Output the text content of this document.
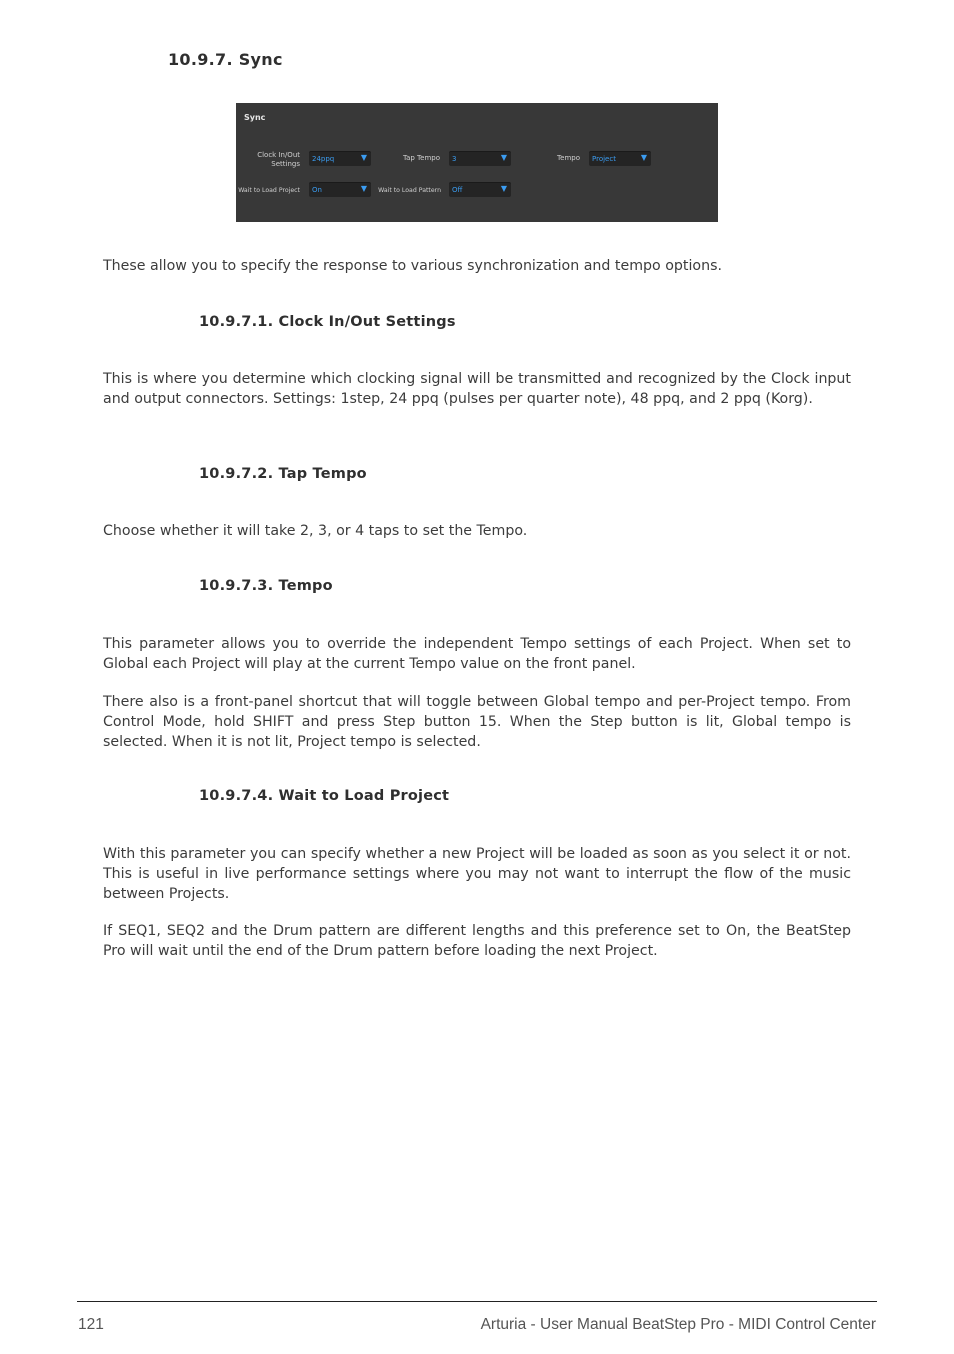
10.9.7. Sync
Sync
Clock In/Out
Settings
24ppq	▼	Tap Tempo 3	▼	Tempo Project	▼
Wait to Load Project On	▼ Wait to Load Pattern Off	▼
These allow you to specify the response to various synchronization and tempo options.
10.9.7.1. Clock In/Out Settings
This is where you determine which clocking signal will be transmitted and recognized by the Clock input and output connectors. Settings: 1step, 24 ppq (pulses per quarter note), 48 ppq, and 2 ppq (Korg).
10.9.7.2. Tap Tempo
Choose whether it will take 2, 3, or 4 taps to set the Tempo.
10.9.7.3. Tempo
This parameter allows you to override the independent Tempo settings of each Project. When set to Global each Project will play at the current Tempo value on the front panel.
There also is a front-panel shortcut that will toggle between Global tempo and per-Project tempo. From Control Mode, hold SHIFT and press Step button 15. When the Step button is lit, Global tempo is selected. When it is not lit, Project tempo is selected.
10.9.7.4. Wait to Load Project
With this parameter you can specify whether a new Project will be loaded as soon as you select it or not. This is useful in live performance settings where you may not want to interrupt the flow of the music between Projects.
If SEQ1, SEQ2 and the Drum pattern are different lengths and this preference set to On, the BeatStep Pro will wait until the end of the Drum pattern before loading the next Project.
121	Arturia - User Manual BeatStep Pro - MIDI Control Center
